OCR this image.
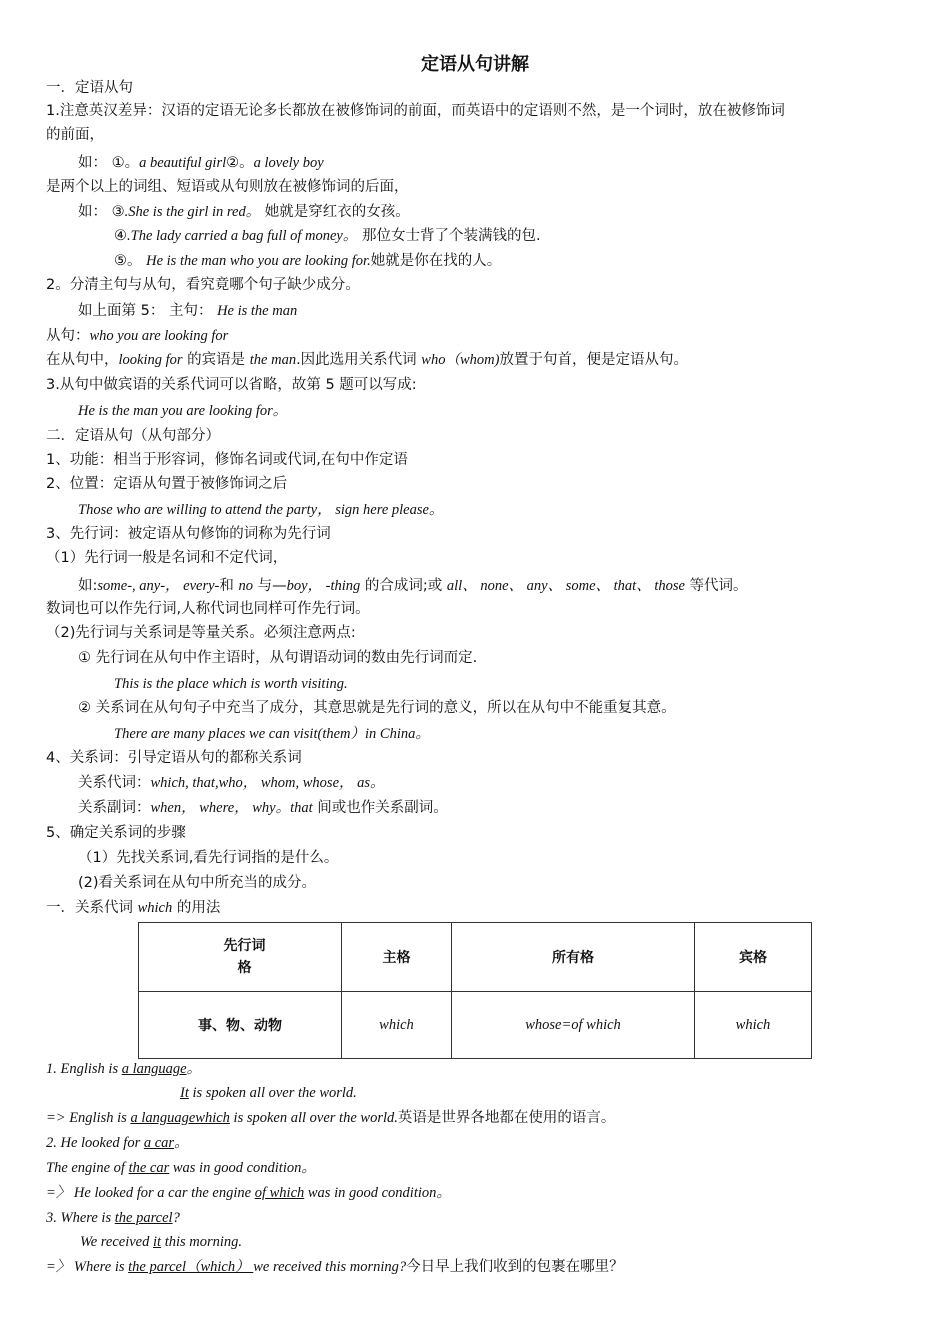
定语从句讲解
一．定语从句
1.注意英汉差异：汉语的定语无论多长都放在被修饰词的前面，而英语中的定语则不然，是一个词时，放在被修饰词
的前面，
如： ①。a beautiful girl②。a lovely boy
是两个以上的词组、短语或从句则放在被修饰词的后面，
如： ③.She is the girl in red。 她就是穿红衣的女孩。
④.The lady carried a bag full of money。 那位女士背了个装满钱的包.
⑤。 He is the man who you are looking for.她就是你在找的人。
2。分清主句与从句，看究竟哪个句子缺少成分。
如上面第 5： 主句： He is the man
从句：who you are looking for
在从句中，looking for 的宾语是 the man.因此选用关系代词 who（whom)放置于句首，便是定语从句。
3.从句中做宾语的关系代词可以省略，故第 5 题可以写成:
He is the man you are looking for。
二．定语从句（从句部分）
1、功能：相当于形容词，修饰名词或代词,在句中作定语
2、位置：定语从句置于被修饰词之后
Those who are willing to attend the party， sign here please。
3、先行词：被定语从句修饰的词称为先行词
（1）先行词一般是名词和不定代词，
如:some-, any-， every-和 no 与—boy， -thing 的合成词;或 all、 none、 any、 some、 that、 those 等代词。
数词也可以作先行词,人称代词也同样可作先行词。
（2)先行词与关系词是等量关系。必须注意两点:
① 先行词在从句中作主语时，从句谓语动词的数由先行词而定.
This is the place which is worth visiting.
② 关系词在从句句子中充当了成分，其意思就是先行词的意义，所以在从句中不能重复其意。
There are many places we can visit(them）in China。
4、关系词：引导定语从句的都称关系词
关系代词：which, that,who， whom, whose， as。
关系副词：when， where， why。that 间或也作关系副词。
5、确定关系词的步骤
（1）先找关系词,看先行词指的是什么。
(2)看关系词在从句中所充当的成分。
一．关系代词 which 的用法
先行词
格	主格	所有格	宾格
事、物、动物	which	whose=of which	which
1. English is a language。
It is spoken all over the world.
=> English is a languagewhich is spoken all over the world.英语是世界各地都在使用的语言。
2. He looked for a car。
The engine of the car was in good condition。
=〉 He looked for a car the engine of which was in good condition。
3. Where is the parcel?
We received it this morning.
=〉 Where is the parcel（which） we received this morning?今日早上我们收到的包裹在哪里？
